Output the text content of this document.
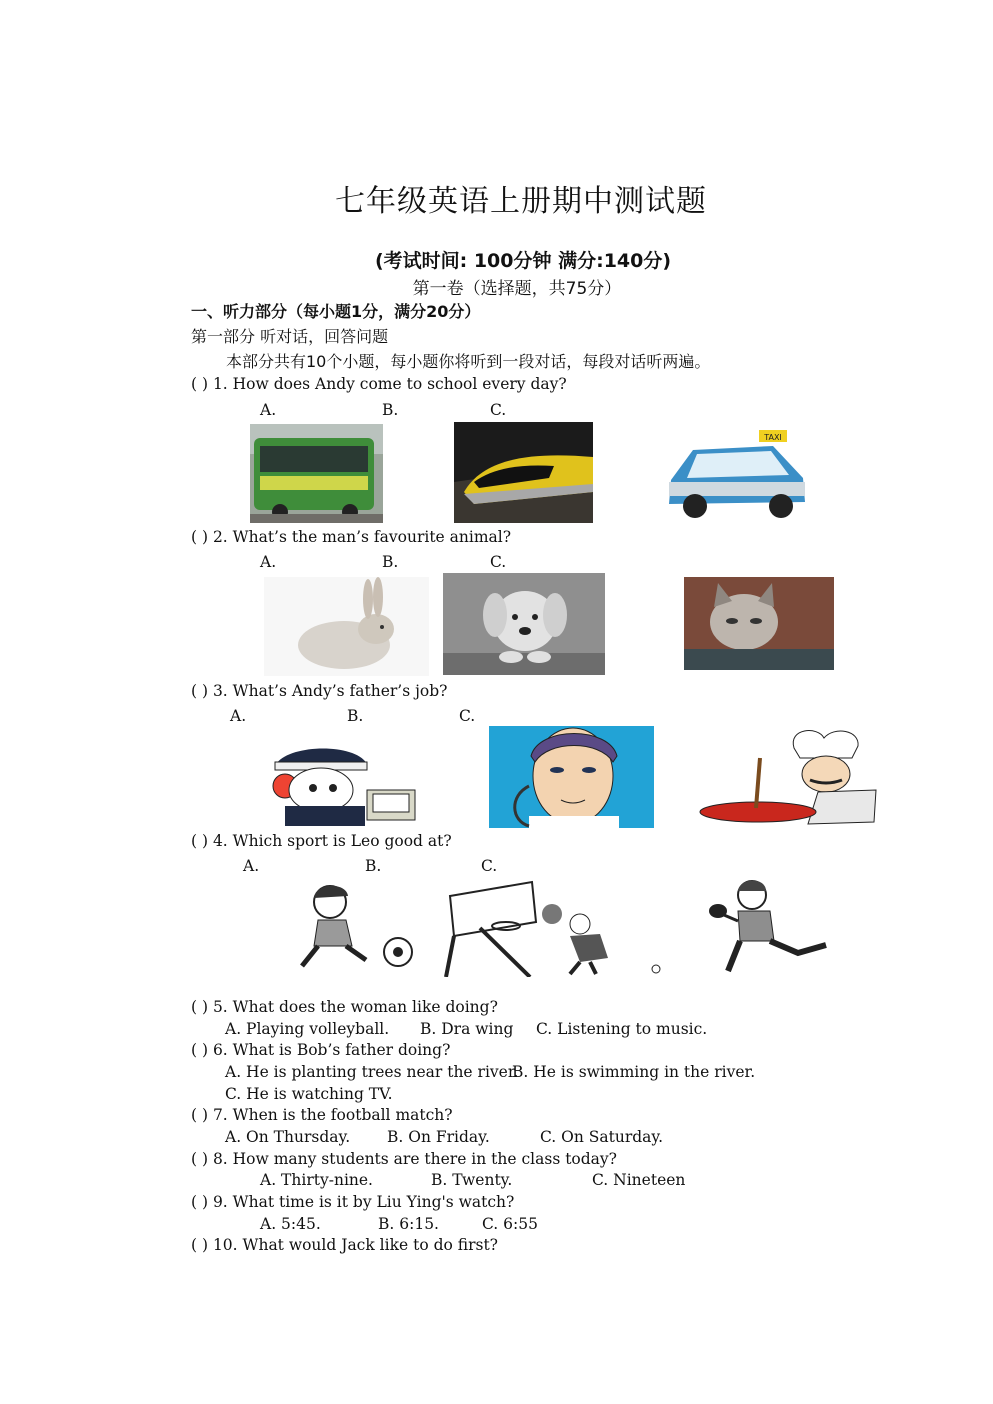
七年级英语上册期中测试题
(考试时间: 100分钟 满分:140分)
第一卷（选择题，共75分）
一、听力部分（每小题1分，满分20分）
第一部分 听对话，回答问题
本部分共有10个小题，每小题你将听到一段对话，每段对话听两遍。
( ) 1. How does Andy come to school every day?
A.	B.	C.
TAXI
( ) 2. What’s the man’s favourite animal?
A.	B.	C.
( ) 3. What’s Andy’s father’s job?
A.	B.	C.
( ) 4. Which sport is Leo good at?
A.	B.	C.
( ) 5. What does the woman like doing?
A. Playing volleyball. B. Dra wing C. Listening to music.
( ) 6. What is Bob’s father doing?
A. He is planting trees near the river.
B. He is swimming in the river.
C. He is watching TV.
( ) 7. When is the football match?
A. On Thursday. B. On Friday.	C. On Saturday.
( ) 8. How many students are there in the class today?
A. Thirty-nine.	B. Twenty.	C. Nineteen
( ) 9. What time is it by Liu Ying's watch?
A. 5:45.	B. 6:15.	C. 6:55
( ) 10. What would Jack like to do first?
